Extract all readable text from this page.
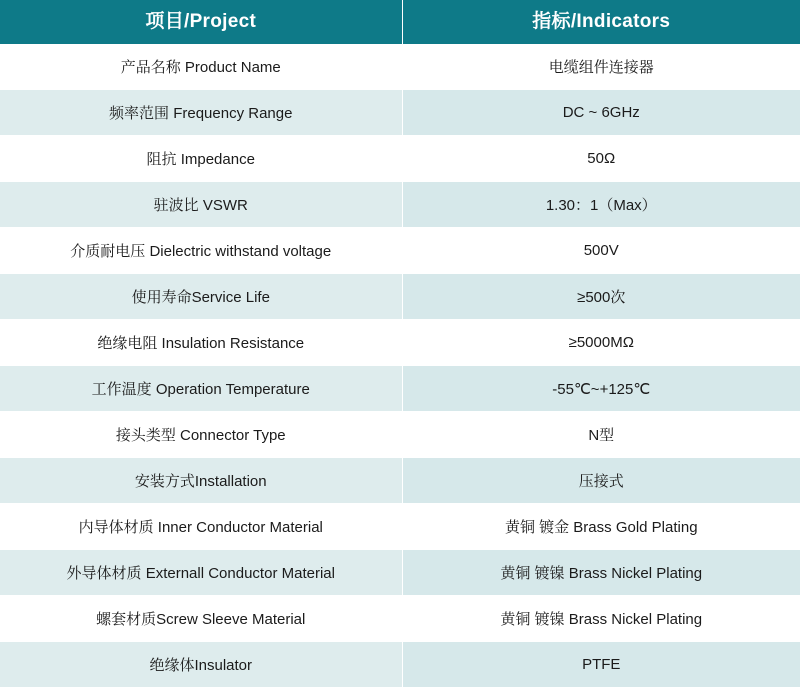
项目/Project	指标/Indicators
产品名称 Product Name	电缆组件连接器
频率范围 Frequency Range	DC ~ 6GHz
阻抗 Impedance	50Ω
驻波比 VSWR	1.30：1（Max）
介质耐电压 Dielectric withstand voltage	500V
使用寿命Service Life	≥500次
绝缘电阻 Insulation Resistance	≥5000MΩ
工作温度 Operation Temperature	-55℃~+125℃
接头类型 Connector Type	N型
安装方式Installation	压接式
内导体材质 Inner Conductor Material	黄铜 镀金 Brass Gold Plating
外导体材质 Externall Conductor Material	黄铜 镀镍 Brass Nickel Plating
螺套材质Screw Sleeve Material	黄铜 镀镍 Brass Nickel Plating
绝缘体Insulator	PTFE
